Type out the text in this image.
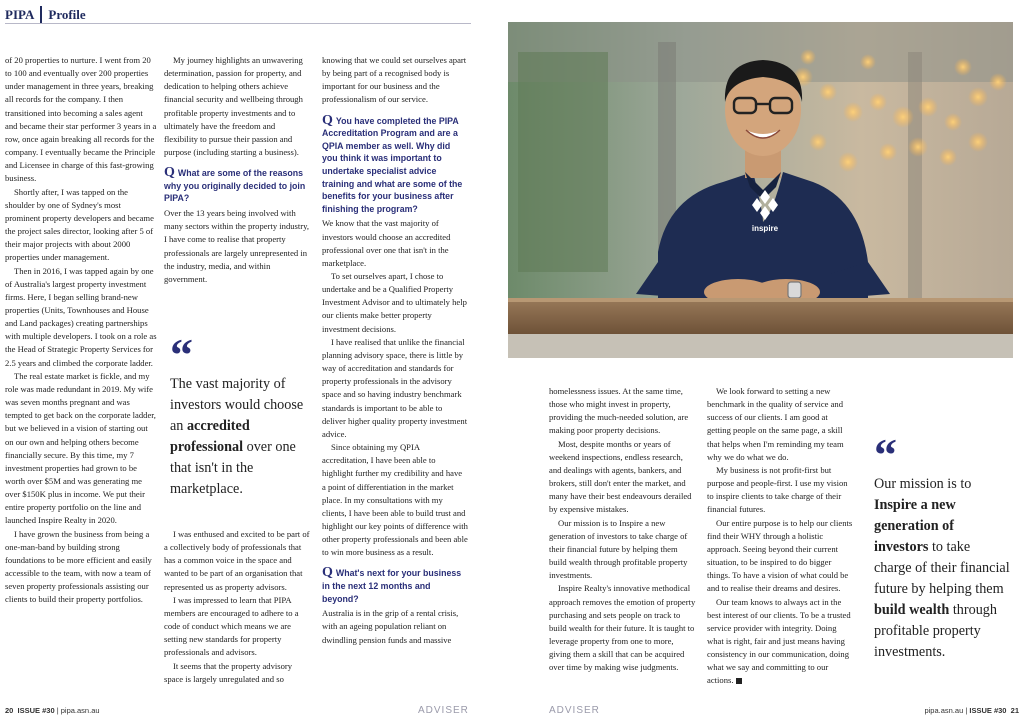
PIPA Profile

of 20 properties to nurture. I went from 20 to 100 and eventually over 200 properties under management in three years, breaking all records for the company. I then transitioned into becoming a sales agent and became their star performer 3 years in a row, once again breaking all records for the company. I eventually became the Principle and Licensee in charge of this fast-growing business.

Shortly after, I was tapped on the shoulder by one of Sydney's most prominent property developers and became the project sales director, looking after 5 of their major projects with about 2000 properties under management.

Then in 2016, I was tapped again by one of Australia's largest property investment firms. Here, I began selling brand-new properties (Units, Townhouses and House and Land packages) creating partnerships with multiple developers. I took on a role as the Head of Strategic Property Services for 2.5 years and climbed the corporate ladder.

The real estate market is fickle, and my role was made redundant in 2019. My wife was seven months pregnant and was tempted to get back on the corporate ladder, but we believed in a vision of starting out on our own and helping others become financially secure. By this time, my 7 investment properties had grown to be worth over $5M and was generating me over $150K plus in income. We put their entire property portfolio on the line and launched Inspire Realty in 2020.

I have grown the business from being a one-man-band by building strong foundations to be more efficient and easily accessible to the team, with now a team of seven property professionals assisting our clients to build their property portfolios.

My journey highlights an unwavering determination, passion for property, and dedication to helping others achieve financial security and wellbeing through profitable property investments and to ultimately have the freedom and flexibility to pursue their passion and purpose (including starting a business).

Q What are some of the reasons why you originally decided to join PIPA?

Over the 13 years being involved with many sectors within the property industry, I have come to realise that property professionals are largely unrepresented in the industry, media, and within government.

“
The vast majority of investors would choose an accredited professional over one that isn't in the marketplace.

I was enthused and excited to be part of a collectively body of professionals that has a common voice in the space and wanted to be part of an organisation that represented us as property advisors.

I was impressed to learn that PIPA members are encouraged to adhere to a code of conduct which means we are setting new standards for property professionals and advisors.

It seems that the property advisory space is largely unregulated and so

knowing that we could set ourselves apart by being part of a recognised body is important for our business and the professionalism of our service.

Q You have completed the PIPA Accreditation Program and are a QPIA member as well. Why did you think it was important to undertake specialist advice training and what are some of the benefits for your business after finishing the program?

We know that the vast majority of investors would choose an accredited professional over one that isn't in the marketplace.

To set ourselves apart, I chose to undertake and be a Qualified Property Investment Advisor and to ultimately help our clients make better property investment decisions.

I have realised that unlike the financial planning advisory space, there is little by way of accreditation and standards for property professionals in the advisory space and so having industry benchmark standards is important to be able to deliver higher quality property investment advice.

Since obtaining my QPIA accreditation, I have been able to highlight further my credibility and have a point of differentiation in the market place. In my consultations with my clients, I have been able to build trust and highlight our key points of difference with other property professionals and been able to win more business as a result.

Q What's next for your business in the next 12 months and beyond?

Australia is in the grip of a rental crisis, with an ageing population reliant on dwindling pension funds and massive

inspire

homelessness issues. At the same time, those who might invest in property, providing the much-needed solution, are making poor property decisions.

Most, despite months or years of weekend inspections, endless research, and dealings with agents, bankers, and brokers, still don't enter the market, and many have their best endeavours derailed by expensive mistakes.

Our mission is to Inspire a new generation of investors to take charge of their financial future by helping them build wealth through profitable property investments.

Inspire Realty's innovative methodical approach removes the emotion of property purchasing and sets people on track to build wealth for their future. It is taught to leverage property from one to more, giving them a skill that can be acquired over time by making wise judgments.

We look forward to setting a new benchmark in the quality of service and success of our clients. I am good at getting people on the same page, a skill that helps when I'm reminding my team why we do what we do.

My business is not profit-first but purpose and people-first. I use my vision to inspire clients to take charge of their financial futures.

Our entire purpose is to help our clients find their WHY through a holistic approach. Seeing beyond their current situation, to be inspired to do bigger things. To have a vision of what could be and to realise their dreams and desires.

Our team knows to always act in the best interest of our clients. To be a trusted service provider with integrity. Doing what is right, fair and just means having consistency in our communication, doing what we say and committing to our actions.

“
Our mission is to Inspire a new generation of investors to take charge of their financial future by helping them build wealth through profitable property investments.
20 ISSUE #30 | pipa.asn.au	ADVISER	ADVISER	pipa.asn.au | ISSUE #30 21
